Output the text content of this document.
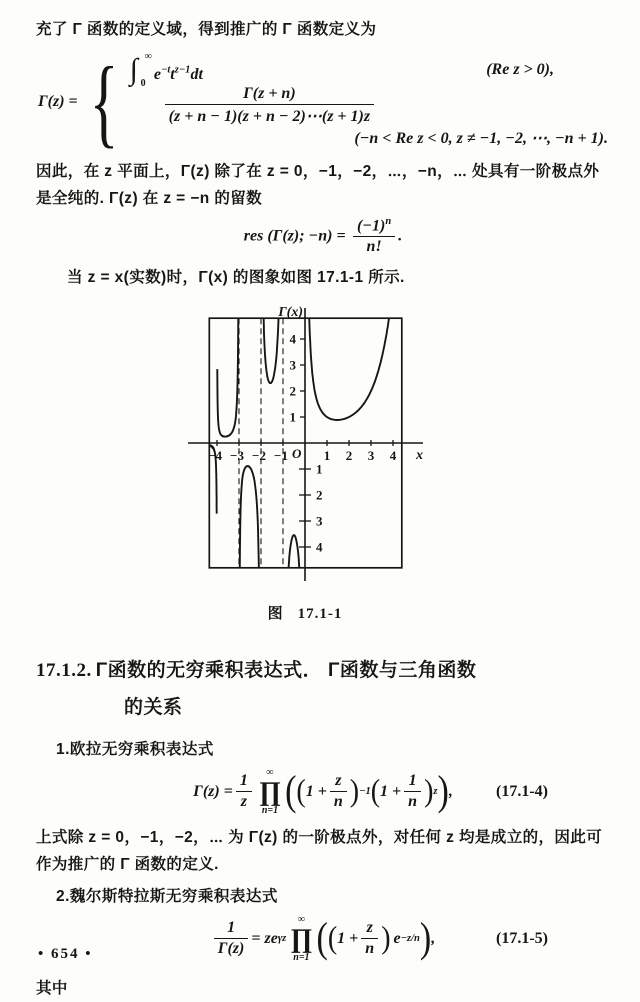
充了 Γ 函数的定义域，得到推广的 Γ 函数定义为

Γ(z) = { ∫ ∞
0
$e^{-t}t^{z-1}dt$	(Re z > 0),
$\frac{\Gamma(z + n)}{(z + n - 1)(z + n - 2)\cdots(z + 1)z}$
(−n < Re z < 0, z ≠ −1, −2, ⋯, −n + 1).

因此，在 z 平面上，Γ(z) 除了在 z = 0，−1，−2，⋯，−n，⋯ 处具有一阶极点外是全纯的. Γ(z) 在 z = −n 的留数

res (Γ(z); $-n) = \frac{(-1)^n}{n!}$ .

当 z = x(实数)时，Γ(x) 的图象如图 17.1-1 所示.

−4 −3 −2 −1	1 2 3 4
4
3
2
1
1
2
3
4
Γ(x)
x
O
图 17.1-1
17.1.2. Γ函数的无穷乘积表达式． Γ函数与三角函数
的关系
1.欧拉无穷乘积表达式
$\Gamma(z) = \frac{1}{z}$ ∞
∏
n=1 ( ( $1 + \frac{z}{n}$ ) −1 ( $1 + \frac{1}{n}$ ) z ) ,	(17.1-4)

上式除 z = 0，−1，−2，⋯ 为 Γ(z) 的一阶极点外，对任何 z 均是成立的，因此可作为推广的 Γ 函数的定义.

2.魏尔斯特拉斯无穷乘积表达式
$\frac{1}{\Gamma(z)} = z$ e γz
∞
∏
n=1 ( ( $1 + \frac{z}{n}$ ) e −z/n ) ,	(17.1-5)

其中

• 654 •
